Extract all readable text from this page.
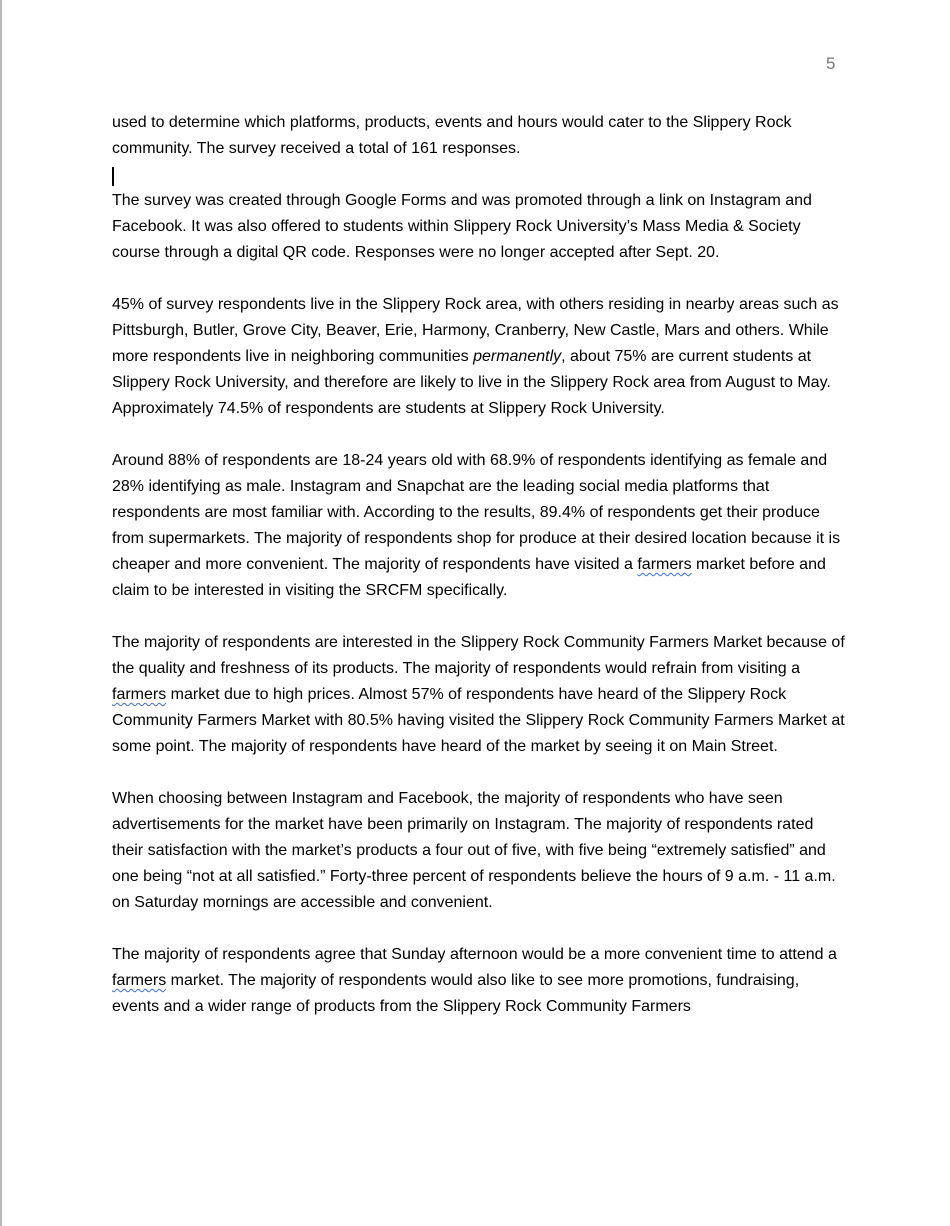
5

used to determine which platforms, products, events and hours would cater to the Slippery Rock community. The survey received a total of 161 responses.

The survey was created through Google Forms and was promoted through a link on Instagram and Facebook. It was also offered to students within Slippery Rock University’s Mass Media & Society course through a digital QR code. Responses were no longer accepted after Sept. 20.

45% of survey respondents live in the Slippery Rock area, with others residing in nearby areas such as Pittsburgh, Butler, Grove City, Beaver, Erie, Harmony, Cranberry, New Castle, Mars and others. While more respondents live in neighboring communities permanently, about 75% are current students at Slippery Rock University, and therefore are likely to live in the Slippery Rock area from August to May. Approximately 74.5% of respondents are students at Slippery Rock University.

Around 88% of respondents are 18-24 years old with 68.9% of respondents identifying as female and 28% identifying as male. Instagram and Snapchat are the leading social media platforms that respondents are most familiar with. According to the results, 89.4% of respondents get their produce from supermarkets. The majority of respondents shop for produce at their desired location because it is cheaper and more convenient. The majority of respondents have visited a farmers market before and claim to be interested in visiting the SRCFM specifically.

The majority of respondents are interested in the Slippery Rock Community Farmers Market because of the quality and freshness of its products. The majority of respondents would refrain from visiting a farmers market due to high prices. Almost 57% of respondents have heard of the Slippery Rock Community Farmers Market with 80.5% having visited the Slippery Rock Community Farmers Market at some point. The majority of respondents have heard of the market by seeing it on Main Street.

When choosing between Instagram and Facebook, the majority of respondents who have seen advertisements for the market have been primarily on Instagram. The majority of respondents rated their satisfaction with the market’s products a four out of five, with five being “extremely satisfied” and one being “not at all satisfied.” Forty-three percent of respondents believe the hours of 9 a.m. - 11 a.m. on Saturday mornings are accessible and convenient.

The majority of respondents agree that Sunday afternoon would be a more convenient time to attend a farmers market. The majority of respondents would also like to see more promotions, fundraising, events and a wider range of products from the Slippery Rock Community Farmers
